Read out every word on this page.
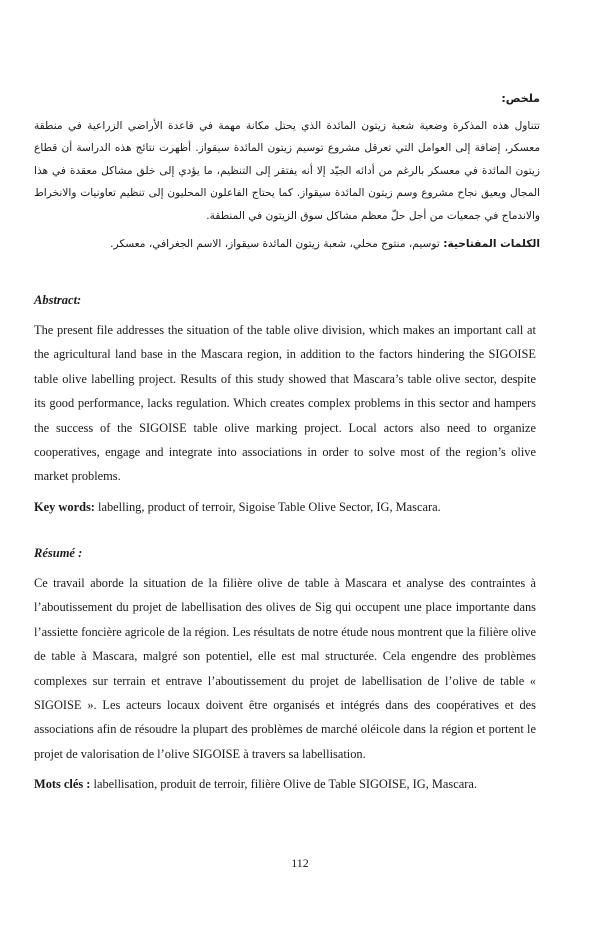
ملخص:

تتناول هذه المذكرة وضعية شعبة زيتون المائدة الذي يحتل مكانة مهمة في قاعدة الأراضي الزراعية في منطقة معسكر، إضافة إلى العوامل التي تعرقل مشروع توسيم زيتون المائدة سيقواز. أظهرت نتائج هذه الدراسة أن قطاع زيتون المائدة في معسكر بالرغم من أدائه الجيّد إلا أنه يفتقر إلى التنظيم، ما يؤدي إلى خلق مشاكل معقدة في هذا المجال ويعيق نجاح مشروع وسم زيتون المائدة سيقواز. كما يحتاج الفاعلون المحليون إلى تنظيم تعاونيات والانخراط والاندماج في جمعيات من أجل حلّ معظم مشاكل سوق الزيتون في المنطقة.

الكلمات المفتاحية: توسيم، منتوج محلي، شعبة زيتون المائدة سيقواز، الاسم الجغرافي، معسكر.

Abstract:

The present file addresses the situation of the table olive division, which makes an important call at the agricultural land base in the Mascara region, in addition to the factors hindering the SIGOISE table olive labelling project. Results of this study showed that Mascara’s table olive sector, despite its good performance, lacks regulation. Which creates complex problems in this sector and hampers the success of the SIGOISE table olive marking project. Local actors also need to organize cooperatives, engage and integrate into associations in order to solve most of the region’s olive market problems.

Key words: labelling, product of terroir, Sigoise Table Olive Sector, IG, Mascara.

Résumé :

Ce travail aborde la situation de la filière olive de table à Mascara et analyse des contraintes à l’aboutissement du projet de labellisation des olives de Sig qui occupent une place importante dans l’assiette foncière agricole de la région. Les résultats de notre étude nous montrent que la filière olive de table à Mascara, malgré son potentiel, elle est mal structurée. Cela engendre des problèmes complexes sur terrain et entrave l’aboutissement du projet de labellisation de l’olive de table « SIGOISE ». Les acteurs locaux doivent être organisés et intégrés dans des coopératives et des associations afin de résoudre la plupart des problèmes de marché oléicole dans la région et portent le projet de valorisation de l’olive SIGOISE à travers sa labellisation.

Mots clés : labellisation, produit de terroir, filière Olive de Table SIGOISE, IG, Mascara.

112
